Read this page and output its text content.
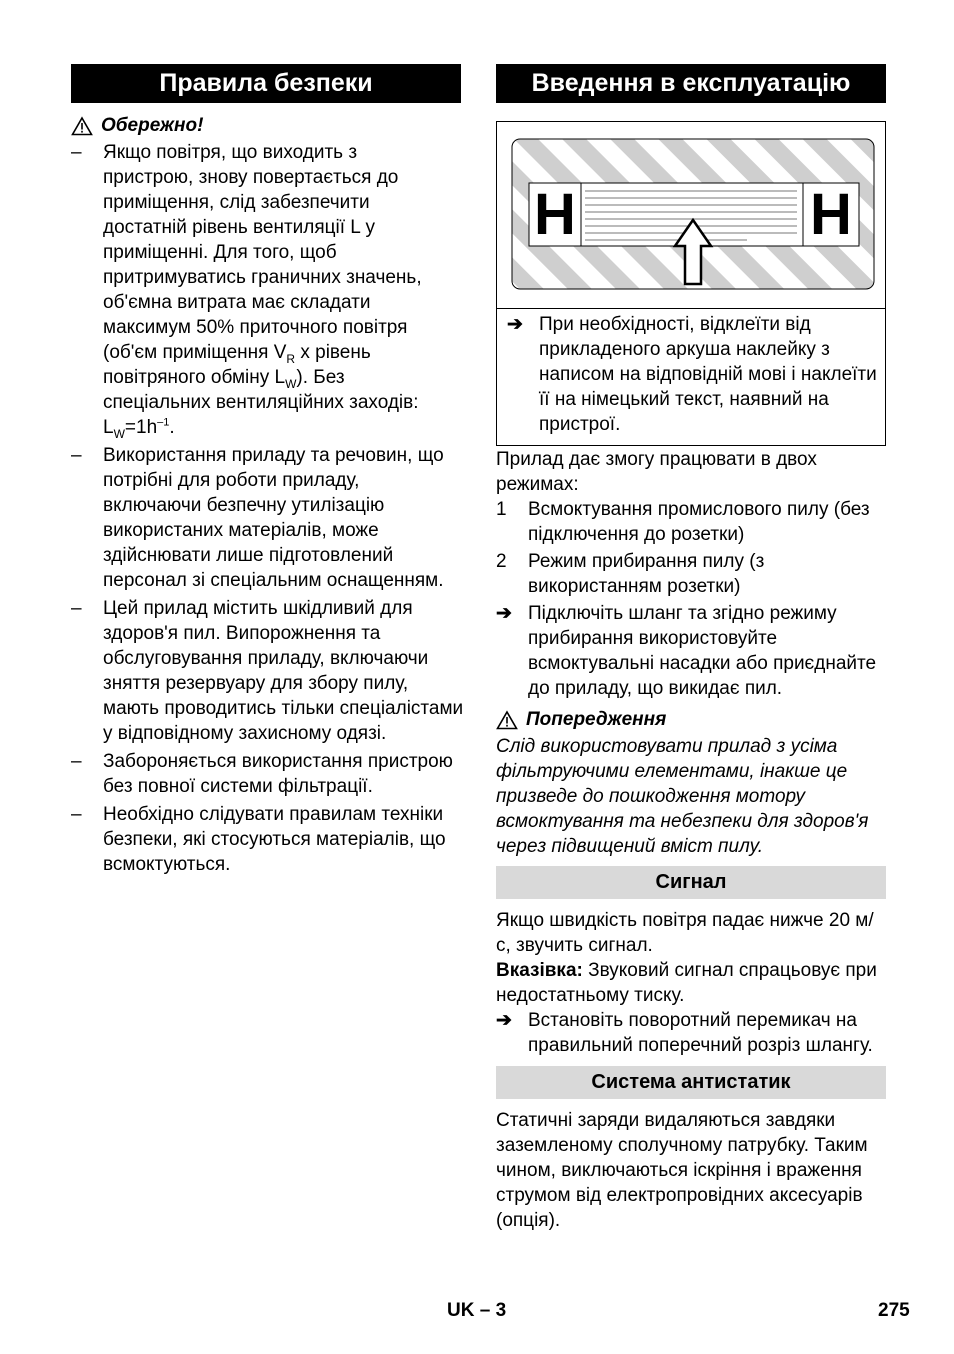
Правила безпеки
Обережно!
–	Якщо повітря, що виходить з
пристрою, знову повертається до
приміщення, слід забезпечити
достатній рівень вентиляції L у
приміщенні. Для того, щоб
притримуватись граничних значень,
об'ємна витрата має складати
максимум 50% приточного повітря
(об'єм приміщення $V_R$ х рівень
повітряного обміну $L_W$). Без
спеціальних вентиляційних заходів:
$L_W=1h^{-1}$.
–	Використання приладу та речовин, що потрібні для роботи приладу, включаючи безпечну утилізацію використаних матеріалів, може здійснювати лише підготовлений персонал зі спеціальним оснащенням.
–	Цей прилад містить шкідливий для здоров'я пил. Випорожнення та обслуговування приладу, включаючи зняття резервуару для збору пилу, мають проводитись тільки спеціалістами у відповідному захисному одязі.
–	Забороняється використання пристрою без повної системи фільтрації.
–	Необхідно слідувати правилам техніки безпеки, які стосуються матеріалів, що всмоктуються.
Введення в експлуатацію
H	H
➔ При необхідності, відклеїти від прикладеного аркуша наклейку з написом на відповідній мові і наклеїти її на німецький текст, наявний на пристрої.

Прилад дає змогу працювати в двох режимах:

1	Всмоктування промислового пилу (без підключення до розетки)
2	Режим прибирання пилу (з використанням розетки)
➔ Підключіть шланг та згідно режиму прибирання використовуйте всмоктувальні насадки або приєднайте до приладу, що викидає пил.
Попередження

Слід використовувати прилад з усіма фільтруючими елементами, інакше це призведе до пошкодження мотору всмоктування та небезпеки для здоров'я через підвищений вміст пилу.

Сигнал

Якщо швидкість повітря падає нижче 20 м/с, звучить сигнал.

Вказівка: Звуковий сигнал спрацьовує при недостатньому тиску.

➔ Встановіть поворотний перемикач на правильний поперечний розріз шлангу.
Система антистатик

Статичні заряди видаляються завдяки заземленому сполучному патрубку. Таким чином, виключаються іскріння і враження струмом від електропровідних аксесуарів (опція).

UK – 3	275
